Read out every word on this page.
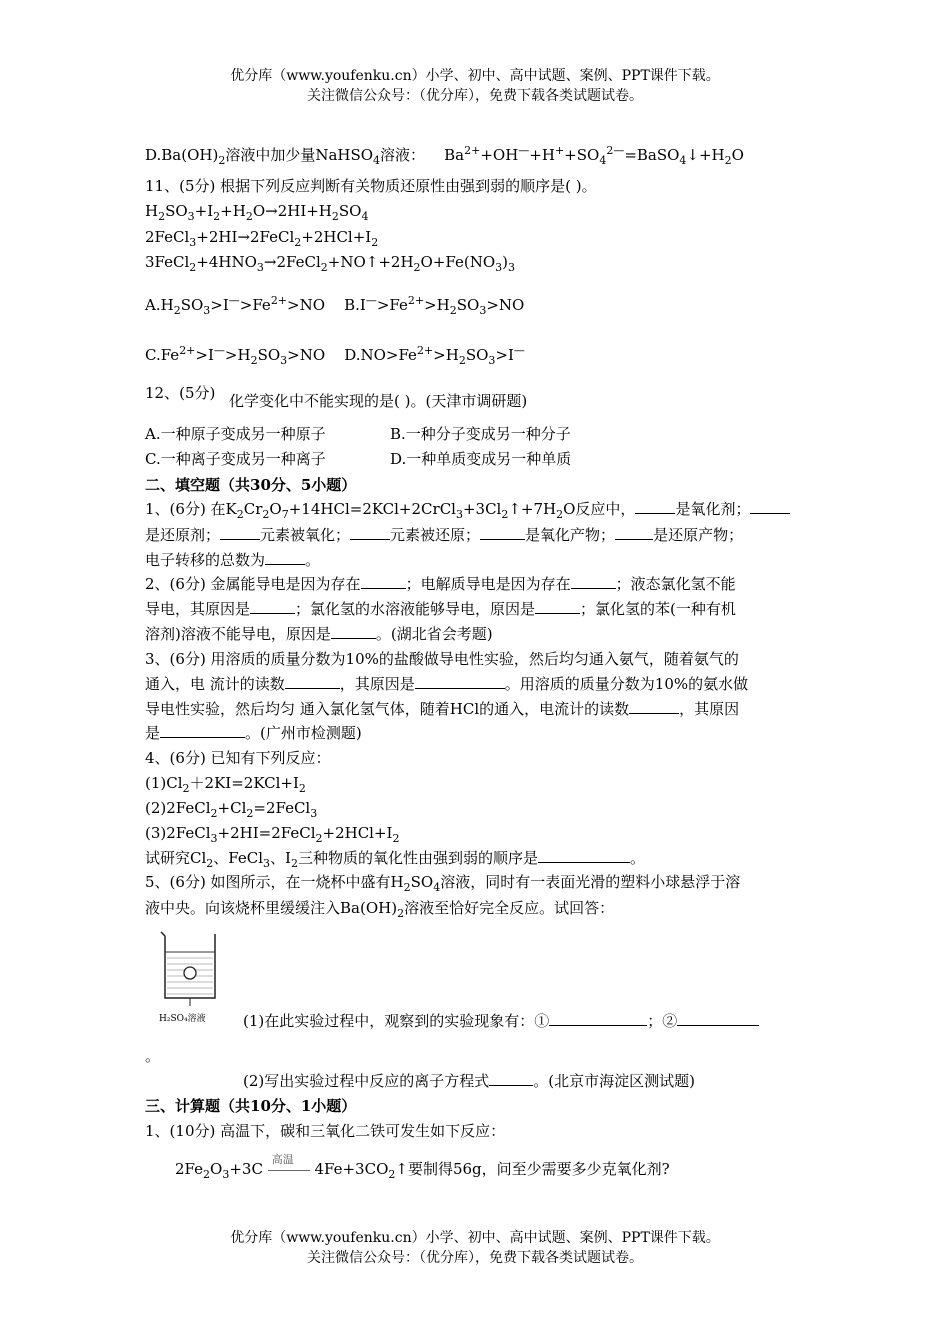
优分库（www.youfenku.cn）小学、初中、高中试题、案例、PPT课件下载。
关注微信公众号：（优分库），免费下载各类试题试卷。
$D.Ba(OH)_2$溶液中加少量NaHSO$_4$溶液： $Ba^{2+}+OH^—+H^++SO_4^{2—}=BaSO_4↓+H_2O$
11、(5分) 根据下列反应判断有关物质还原性由强到弱的顺序是( )。
$H_2SO_3+I_2+H_2O\to 2HI+H_2SO_4$
$2FeCl_3+2HI\to 2FeCl_2+2HCl+I_2$
$3FeCl_2+4HNO_3\to 2FeCl_2+NO↑+2H_2O+Fe(NO_3)_3$
$A.H_2SO_3>I^—>Fe^{2+}>NO$ $B.I^—>Fe^{2+}>H_2SO_3>NO$
$C.Fe^{2+}>I^—>H_2SO_3>NO$ $D.NO>Fe^{2+}>H_2SO_3>I^—$
12、(5分) 化学变化中不能实现的是( )。(天津市调研题)
A.一种原子变成另一种原子	B.一种分子变成另一种分子
C.一种离子变成另一种离子	D.一种单质变成另一种单质
二、填空题（共30分、5小题）
1、(6分) 在$K_2Cr_2O_7+14HCl=2KCl+2CrCl_3+3Cl_2↑+7H_2O$反应中，	是氧化剂；
是还原剂；	元素被氧化；	元素被还原；	是氧化产物；	是还原产物；
电子转移的总数为	。
2、(6分) 金属能导电是因为存在	；电解质导电是因为存在	；液态氯化氢不能
导电，其原因是	；氯化氢的水溶液能够导电，原因是	；氯化氢的苯(一种有机
溶剂)溶液不能导电，原因是	。(湖北省会考题)
3、(6分) 用溶质的质量分数为10%的盐酸做导电性实验，然后均匀通入氨气，随着氨气的
通入，电 流计的读数	，其原因是	。用溶质的质量分数为10%的氨水做
导电性实验，然后均匀 通入氯化氢气体，随着HCl的通入，电流计的读数	，其原因
是	。(广州市检测题)
4、(6分) 已知有下列反应：
$(1)Cl_2+2KI=2KCl+I_2$
$(2)2FeCl_2+Cl_2=2FeCl_3$
$(3)2FeCl_3+2HI=2FeCl_2+2HCl+I_2$
试研究$Cl_2$、FeCl$_3$、$I_2$三种物质的氧化性由强到弱的顺序是	。
5、(6分) 如图所示，在一烧杯中盛有$H_2SO_4$溶液，同时有一表面光滑的塑料小球悬浮于溶
液中央。向该烧杯里缓缓注入$Ba(OH)_2$溶液至恰好完全反应。试回答：
H₂SO₄溶液	(1)在此实验过程中，观察到的实验现象有：①	；②
。
(2)写出实验过程中反应的离子方程式	。(北京市海淀区测试题)
三、计算题（共10分、1小题）
1、(10分) 高温下，碳和三氧化二铁可发生如下反应：
$2Fe_2O_3+3C$
高温
$4Fe+3CO_2↑$要制得56g，问至少需要多少克氧化剂?
优分库（www.youfenku.cn）小学、初中、高中试题、案例、PPT课件下载。
关注微信公众号：（优分库），免费下载各类试题试卷。
